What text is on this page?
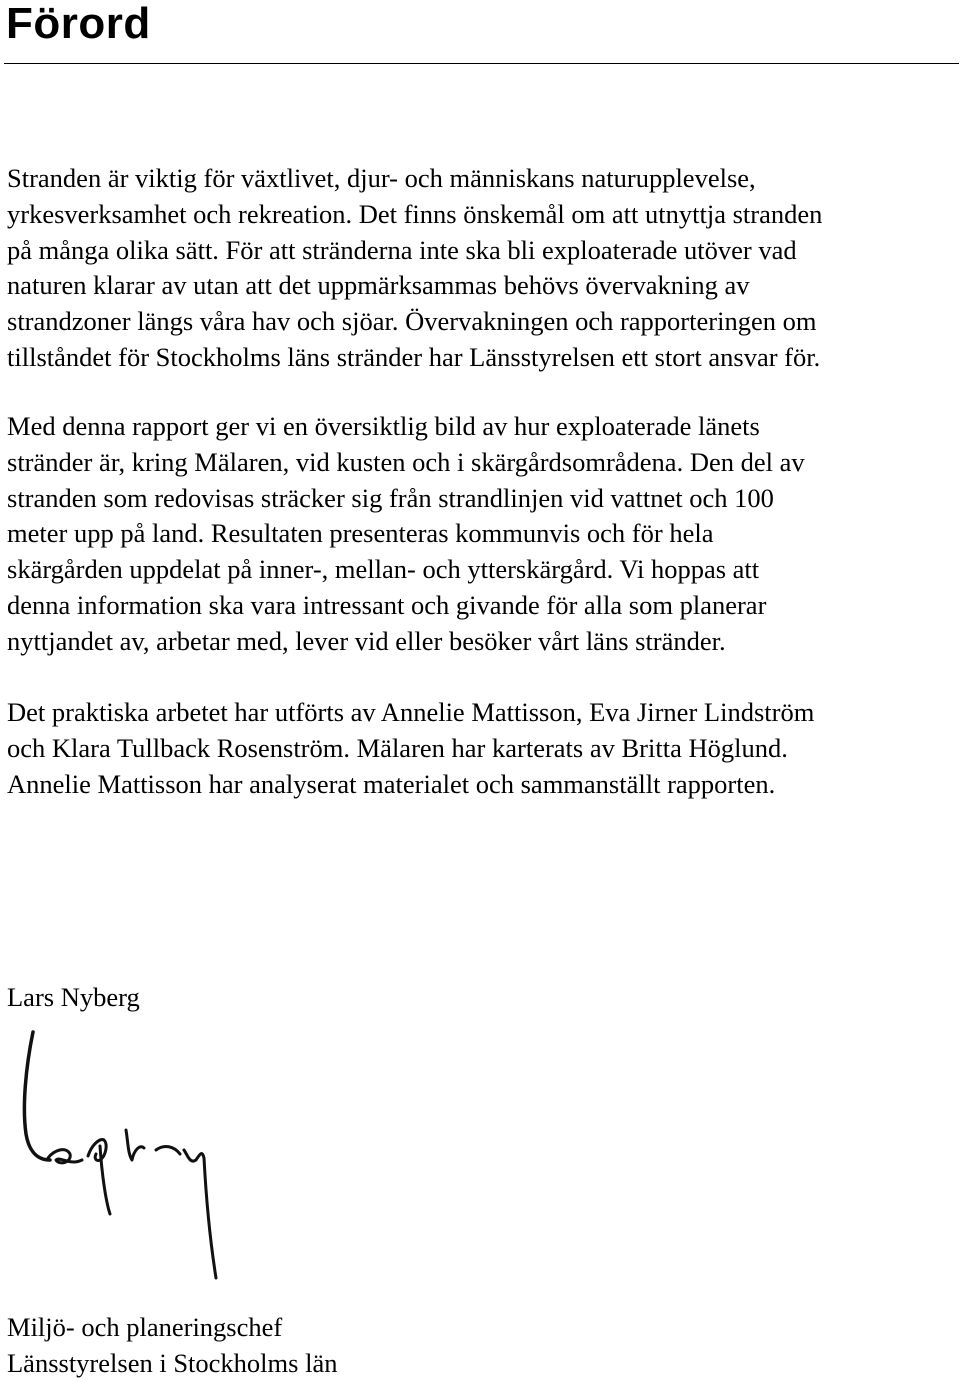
Förord

Stranden är viktig för växtlivet, djur- och människans naturupplevelse,
yrkesverksamhet och rekreation. Det finns önskemål om att utnyttja stranden
på många olika sätt. För att stränderna inte ska bli exploaterade utöver vad
naturen klarar av utan att det uppmärksammas behövs övervakning av
strandzoner längs våra hav och sjöar. Övervakningen och rapporteringen om
tillståndet för Stockholms läns stränder har Länsstyrelsen ett stort ansvar för.

Med denna rapport ger vi en översiktlig bild av hur exploaterade länets
stränder är, kring Mälaren, vid kusten och i skärgårdsområdena. Den del av
stranden som redovisas sträcker sig från strandlinjen vid vattnet och 100
meter upp på land. Resultaten presenteras kommunvis och för hela
skärgården uppdelat på inner-, mellan- och ytterskärgård. Vi hoppas att
denna information ska vara intressant och givande för alla som planerar
nyttjandet av, arbetar med, lever vid eller besöker vårt läns stränder.

Det praktiska arbetet har utförts av Annelie Mattisson, Eva Jirner Lindström
och Klara Tullback Rosenström. Mälaren har karterats av Britta Höglund.
Annelie Mattisson har analyserat materialet och sammanställt rapporten.

Lars Nyberg

Miljö- och planeringschef
Länsstyrelsen i Stockholms län
